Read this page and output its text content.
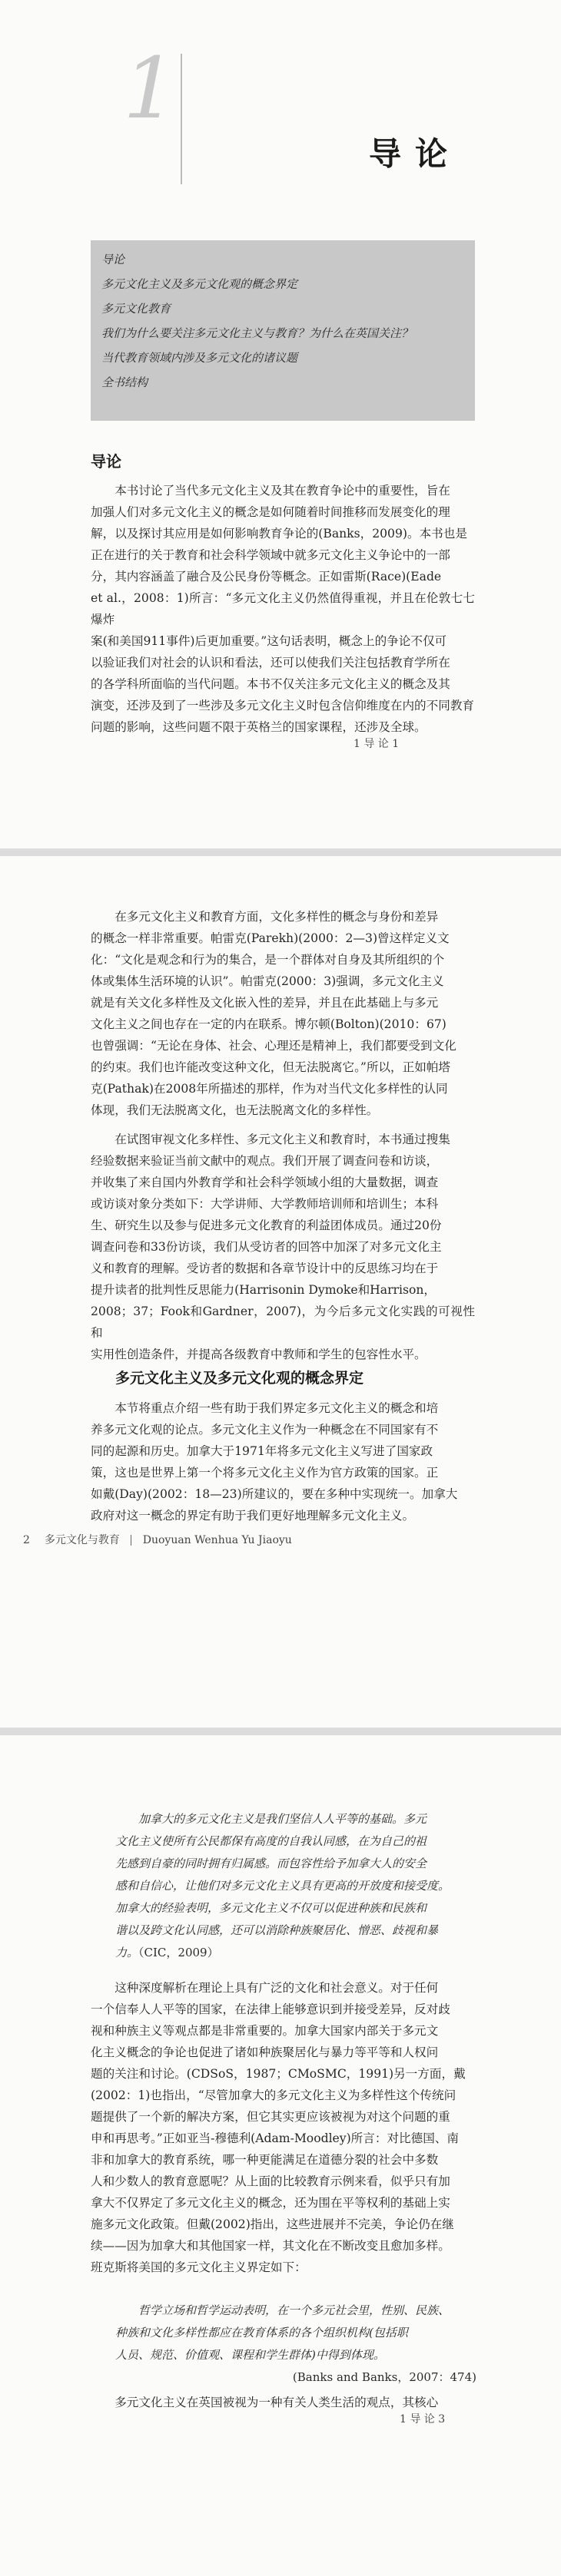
1
导论
导论
多元文化主义及多元文化观的概念界定
多元文化教育
我们为什么要关注多元文化主义与教育？为什么在英国关注？
当代教育领域内涉及多元文化的诸议题
全书结构
导论
本书讨论了当代多元文化主义及其在教育争论中的重要性，旨在
加强人们对多元文化主义的概念是如何随着时间推移而发展变化的理
解，以及探讨其应用是如何影响教育争论的(Banks，2009)。本书也是
正在进行的关于教育和社会科学领域中就多元文化主义争论中的一部
分，其内容涵盖了融合及公民身份等概念。正如雷斯(Race)(Eade
et al.，2008：1)所言：“多元文化主义仍然值得重视，并且在伦敦七七爆炸
案(和美国911事件)后更加重要。”这句话表明，概念上的争论不仅可
以验证我们对社会的认识和看法，还可以使我们关注包括教育学所在
的各学科所面临的当代问题。本书不仅关注多元文化主义的概念及其
演变，还涉及到了一些涉及多元文化主义时包含信仰维度在内的不同教育
问题的影响，这些问题不限于英格兰的国家课程，还涉及全球。
1 导 论 1
在多元文化主义和教育方面，文化多样性的概念与身份和差异
的概念一样非常重要。帕雷克(Parekh)(2000：2—3)曾这样定义文
化：“文化是观念和行为的集合，是一个群体对自身及其所组织的个
体或集体生活环境的认识”。帕雷克(2000：3)强调，多元文化主义
就是有关文化多样性及文化嵌入性的差异，并且在此基础上与多元
文化主义之间也存在一定的内在联系。博尔顿(Bolton)(2010：67)
也曾强调：“无论在身体、社会、心理还是精神上，我们都要受到文化
的约束。我们也许能改变这种文化，但无法脱离它。”所以，正如帕塔
克(Pathak)在2008年所描述的那样，作为对当代文化多样性的认同
体现，我们无法脱离文化，也无法脱离文化的多样性。
在试图审视文化多样性、多元文化主义和教育时，本书通过搜集
经验数据来验证当前文献中的观点。我们开展了调查问卷和访谈，
并收集了来自国内外教育学和社会科学领域小组的大量数据，调查
或访谈对象分类如下：大学讲师、大学教师培训师和培训生；本科
生、研究生以及参与促进多元文化教育的利益团体成员。通过20份
调查问卷和33份访谈，我们从受访者的回答中加深了对多元文化主
义和教育的理解。受访者的数据和各章节设计中的反思练习均在于
提升读者的批判性反思能力(Harrisonin Dymoke和Harrison，
2008；37；Fook和Gardner，2007)，为今后多元文化实践的可视性和
实用性创造条件，并提高各级教育中教师和学生的包容性水平。
多元文化主义及多元文化观的概念界定
本节将重点介绍一些有助于我们界定多元文化主义的概念和培
养多元文化观的论点。多元文化主义作为一种概念在不同国家有不
同的起源和历史。加拿大于1971年将多元文化主义写进了国家政
策，这也是世界上第一个将多元文化主义作为官方政策的国家。正
如戴(Day)(2002：18—23)所建议的，要在多种中实现统一。加拿大
政府对这一概念的界定有助于我们更好地理解多元文化主义。
2 多元文化与教育 Duoyuan Wenhua Yu Jiaoyu
加拿大的多元文化主义是我们坚信人人平等的基础。多元
文化主义使所有公民都保有高度的自我认同感，在为自己的祖
先感到自豪的同时拥有归属感。而包容性给予加拿大人的安全
感和自信心，让他们对多元文化主义具有更高的开放度和接受度。
加拿大的经验表明，多元文化主义不仅可以促进种族和民族和
谐以及跨文化认同感，还可以消除种族聚居化、憎恶、歧视和暴
力。（CIC，2009）
这种深度解析在理论上具有广泛的文化和社会意义。对于任何
一个信奉人人平等的国家，在法律上能够意识到并接受差异，反对歧
视和种族主义等观点都是非常重要的。加拿大国家内部关于多元文
化主义概念的争论也促进了诸如种族聚居化与暴力等平等和人权问
题的关注和讨论。(CDSoS，1987；CMoSMC，1991)另一方面，戴
(2002：1)也指出，“尽管加拿大的多元文化主义为多样性这个传统问
题提供了一个新的解决方案，但它其实更应该被视为对这个问题的重
申和再思考。”正如亚当-穆德利(Adam-Moodley)所言：对比德国、南
非和加拿大的教育系统，哪一种更能满足在道德分裂的社会中多数
人和少数人的教育意愿呢？从上面的比较教育示例来看，似乎只有加
拿大不仅界定了多元文化主义的概念，还为围在平等权利的基础上实
施多元文化政策。但戴(2002)指出，这些进展并不完美，争论仍在继
续——因为加拿大和其他国家一样，其文化在不断改变且愈加多样。
班克斯将美国的多元文化主义界定如下：
哲学立场和哲学运动表明，在一个多元社会里，性别、民族、
种族和文化多样性都应在教育体系的各个组织机构(包括职
人员、规范、价值观、课程和学生群体)中得到体现。
(Banks and Banks，2007：474)
多元文化主义在英国被视为一种有关人类生活的观点，其核心
1 导 论 3
